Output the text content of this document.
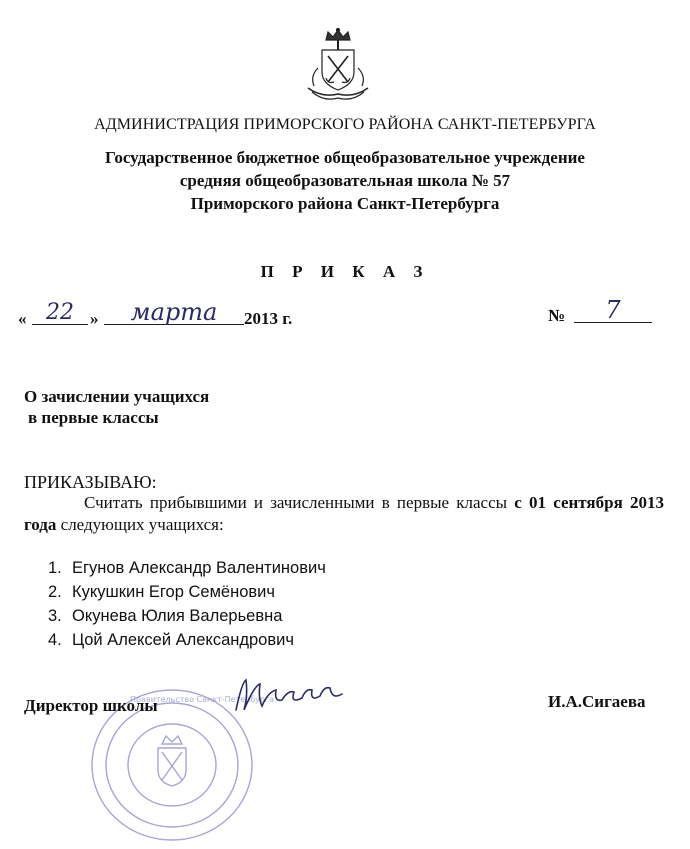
АДМИНИСТРАЦИЯ ПРИМОРСКОГО РАЙОНА САНКТ-ПЕТЕРБУРГА
Государственное бюджетное общеобразовательное учреждение
средняя общеобразовательная школа № 57
Приморского района Санкт-Петербурга
П Р И К А З
« 22 »	марта	2013 г.	№	7
О зачислении учащихся
в первые классы
ПРИКАЗЫВАЮ:
Считать прибывшими и зачисленными в первые классы с 01 сентября 2013 года следующих учащихся:
1. Егунов Александр Валентинович
2. Кукушкин Егор Семёнович
3. Окунева Юлия Валерьевна
4. Цой Алексей Александрович
Правительство Санкт-Петербурга
Директор школы	И.А.Сигаева
